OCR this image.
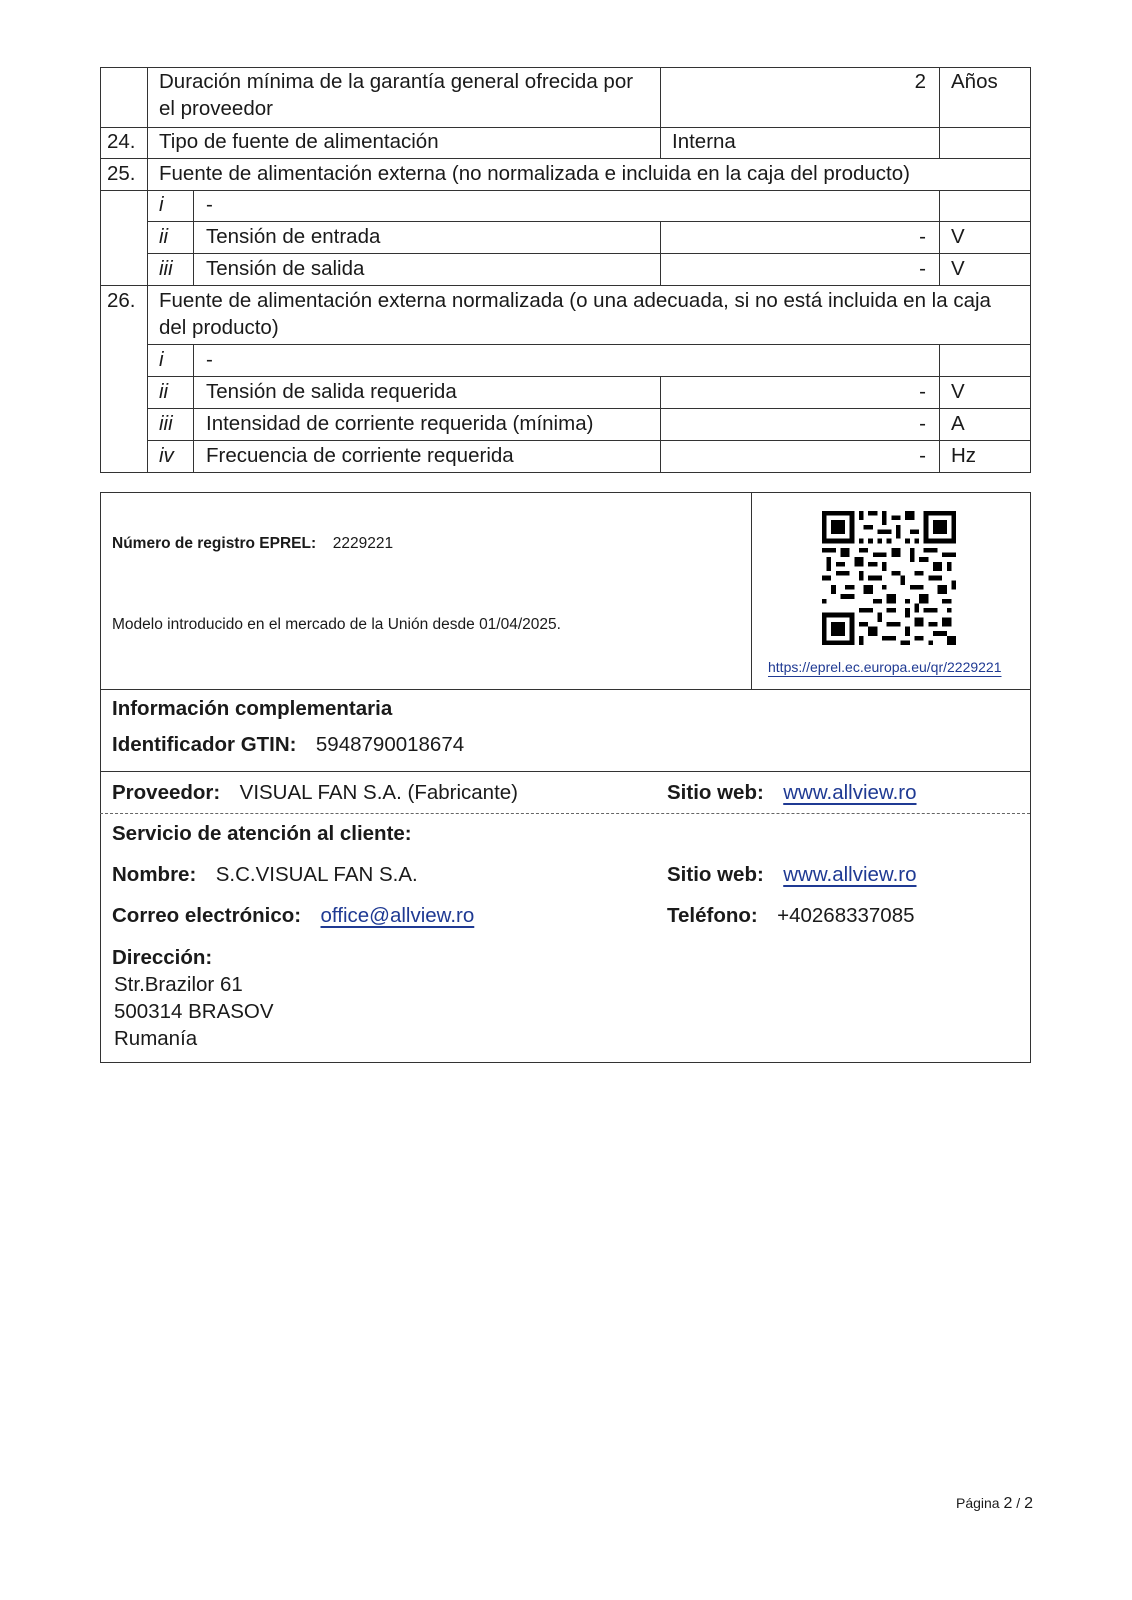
Duración mínima de la garantía general ofrecida por
el proveedor
2 Años
24. Tipo de fuente de alimentación	Interna
25. Fuente de alimentación externa (no normalizada e incluida en la caja del producto)
i -
ii Tensión de entrada	- V
iii Tensión de salida	- V
26. Fuente de alimentación externa normalizada (o una adecuada, si no está incluida en la caja
del producto)
i -
ii Tensión de salida requerida	- V
iii Intensidad de corriente requerida (mínima)	- A
iv Frecuencia de corriente requerida	- Hz
Número de registro EPREL: 2229221
Modelo introducido en el mercado de la Unión desde 01/04/2025.
https://eprel.ec.europa.eu/qr/2229221
Información complementaria
Identificador GTIN: 5948790018674
Proveedor: VISUAL FAN S.A. (Fabricante)	Sitio web: www.allview.ro
Servicio de atención al cliente:
Nombre: S.C.VISUAL FAN S.A.	Sitio web: www.allview.ro
Correo electrónico: office@allview.ro	Teléfono: +40268337085
Dirección:
Str.Brazilor 61
500314 BRASOV
Rumanía
Página 2 / 2
